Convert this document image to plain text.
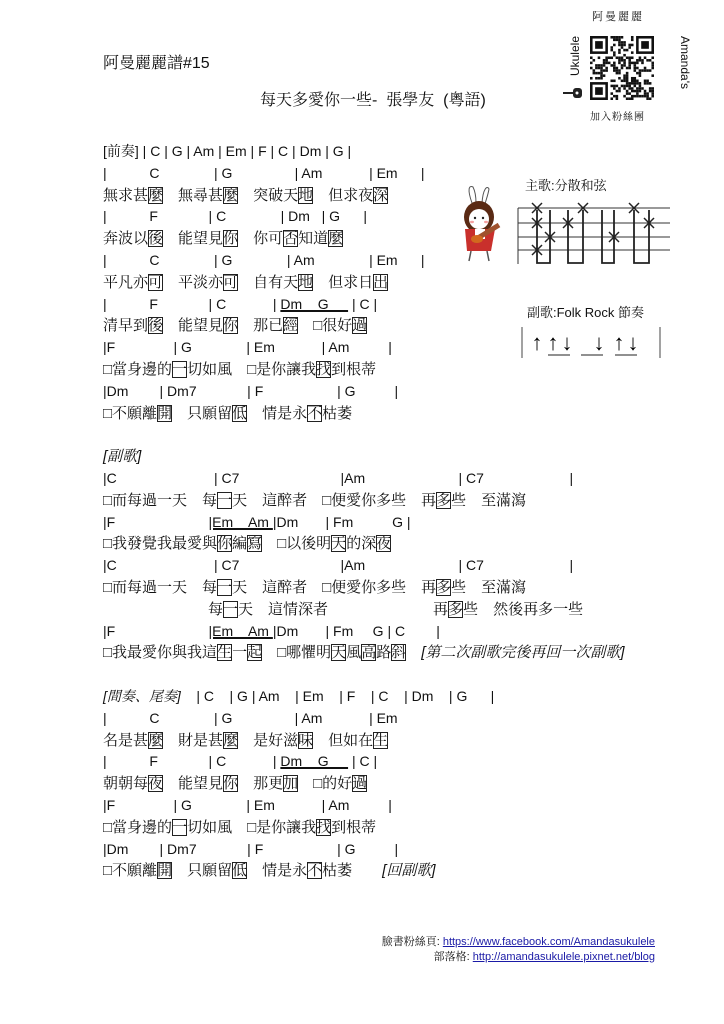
阿曼麗麗譜#15
每天多愛你一些-  張學友  (粵語)
阿曼麗麗
Ukulele	Amanda's
加入粉絲團
主歌:分散和弦
副歌:Folk Rock 節奏
↑ ↑ ↓ ↓ ↑ ↓
[前奏] | C | G | Am | Em | F | C | Dm | G |
|           C              | G                | Am            | Em      |
無求甚麼　無尋甚麼　突破天地　但求夜深
|           F             | C              | Dm   | G      |
奔波以後　能望見你　你可否知道麼
|           C              | G              | Am              | Em      |
平凡亦可　平淡亦可　自有天地　但求日出
|           F             | C            | Dm    G      | C |
清早到後　能望見你　那已經　□很好過
|F               | G              | Em            | Am          |
□當身邊的一切如風　□是你讓我找到根蒂
|Dm        | Dm7             | F                   | G          |
□不願離開　只願留低　情是永不枯萎
[副歌]
|C                         | C7                          |Am                        | C7                      |
□而每過一天　每一天　這醉者　□便愛你多些　再多些　至滿瀉
|F                        |Em    Am |Dm       | Fm          G |
□我發覺我最愛與你編寫　□以後明天的深夜
|C                         | C7                          |Am                        | C7                      |
□而每過一天　每一天　這醉者　□便愛你多些　再多些　至滿瀉
　　　　　　　每一天　這情深者　　　　　　　再多些　然後再多一些
|F                        |Em    Am |Dm       | Fm     G | C        |
□我最愛你與我這生一起　□哪懼明天風高路斜　 [第二次副歌完後再回一次副歌]
[間奏、尾奏]    | C    | G | Am    | Em    | F    | C    | Dm    | G      |
|           C              | G                | Am            | Em
名是甚麼　財是甚麼　是好滋味　但如在生
|           F             | C            | Dm    G      | C |
朝朝每夜　能望見你　那更加　□的好過
|F               | G              | Em            | Am          |
□當身邊的一切如風　□是你讓我找到根蒂
|Dm        | Dm7             | F                   | G          |
□不願離開　只願留低　情是永不枯萎　　[回副歌]
臉書粉絲頁: https://www.facebook.com/Amandasukulele
部落格: http://amandasukulele.pixnet.net/blog
